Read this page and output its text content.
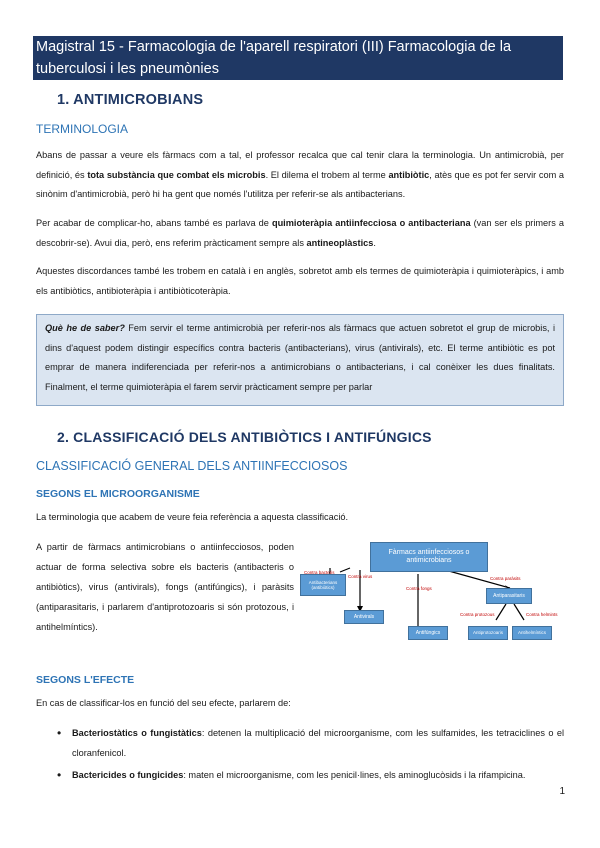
Magistral 15 - Farmacologia de l'aparell respiratori (III) Farmacologia de la tuberculosi i les pneumònies
1. ANTIMICROBIANS
TERMINOLOGIA

Abans de passar a veure els fàrmacs com a tal, el professor recalca que cal tenir clara la terminologia. Un antimicrobià, per definició, és tota substància que combat els microbis. El dilema el trobem al terme antibiòtic, atès que es pot fer servir com a sinònim d'antimicrobià, però hi ha gent que només l'utilitza per referir-se als antibacterians.

Per acabar de complicar-ho, abans també es parlava de quimioteràpia antiinfecciosa o antibacteriana (van ser els primers a descobrir-se). Avui dia, però, ens referim pràcticament sempre als antineoplàstics.

Aquestes discordances també les trobem en català i en anglès, sobretot amb els termes de quimioteràpia i quimioteràpics, i amb els antibiòtics, antibioteràpia i antibiòticoteràpia.

Què he de saber? Fem servir el terme antimicrobià per referir-nos als fàrmacs que actuen sobretot el grup de microbis, i dins d'aquest podem distingir específics contra bacteris (antibacterians), virus (antivirals), etc. El terme antibiòtic es pot emprar de manera indiferenciada per referir-nos a antimicrobians o antibacterians, i cal conèixer les dues finalitats. Finalment, el terme quimioteràpia el farem servir pràcticament sempre per parlar
2. CLASSIFICACIÓ DELS ANTIBIÒTICS I ANTIFÚNGICS
CLASSIFICACIÓ GENERAL DELS ANTIINFECCIOSOS
SEGONS EL MICROORGANISME

La terminologia que acabem de veure feia referència a aquesta classificació.

A partir de fàrmacs antimicrobians o antiinfecciosos, poden actuar de forma selectiva sobre els bacteris (antibacteris o antibiòtics), virus (antivirals), fongs (antifúngics), i paràsits (antiparasitaris, i parlarem d'antiprotozoaris si són protozous, i antihelmíntics).

Fàrmacs antiinfecciosos o antimicrobians
Antibacterians (antibiòtics)
Antivirals
Antifúngics
Antiparasitaris
Antiprotozoaris	Antihelmíntics
Contra bacteris
Contra virus
Contra fongs
Contra paràsits
Contra protozous	Contra helmints
SEGONS L'EFECTE

En cas de classificar-los en funció del seu efecte, parlarem de:

• Bacteriostàtics o fungistàtics: detenen la multiplicació del microorganisme, com les sulfamides, les tetraciclines o el cloranfenicol.
• Bactericides o fungicides: maten el microorganisme, com les penicil·lines, els aminoglucòsids i la rifampicina.
1
